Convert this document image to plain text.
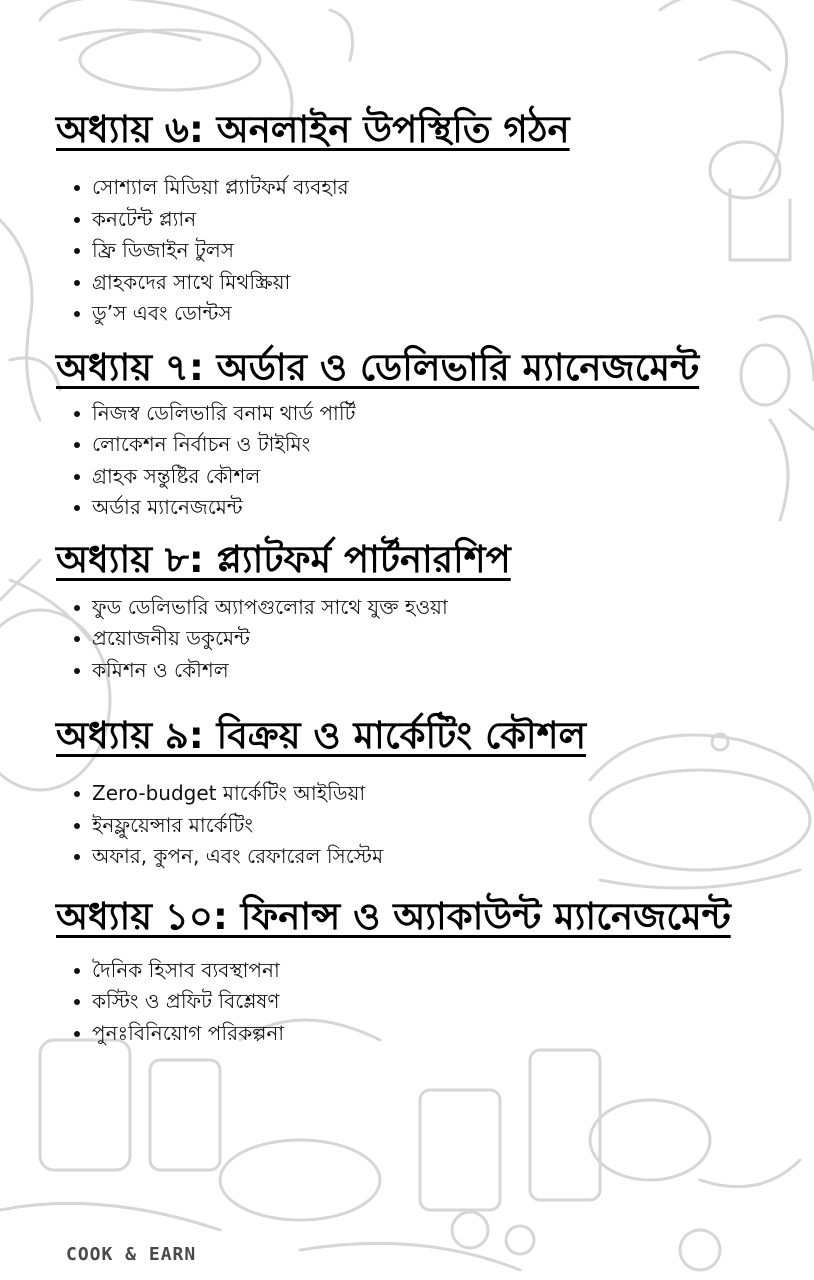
অধ্যায় ৬: অনলাইন উপস্থিতি গঠন
সোশ্যাল মিডিয়া প্ল্যাটফর্ম ব্যবহার
কনটেন্ট প্ল্যান
ফ্রি ডিজাইন টুলস
গ্রাহকদের সাথে মিথস্ক্রিয়া
ডু’স এবং ডোন্টস
অধ্যায় ৭: অর্ডার ও ডেলিভারি ম্যানেজমেন্ট
নিজস্ব ডেলিভারি বনাম থার্ড পার্টি
লোকেশন নির্বাচন ও টাইমিং
গ্রাহক সন্তুষ্টির কৌশল
অর্ডার ম্যানেজমেন্ট
অধ্যায় ৮: প্ল্যাটফর্ম পার্টনারশিপ
ফুড ডেলিভারি অ্যাপগুলোর সাথে যুক্ত হওয়া
প্রয়োজনীয় ডকুমেন্ট
কমিশন ও কৌশল
অধ্যায় ৯: বিক্রয় ও মার্কেটিং কৌশল
Zero-budget মার্কেটিং আইডিয়া
ইনফ্লুয়েন্সার মার্কেটিং
অফার, কুপন, এবং রেফারেল সিস্টেম
অধ্যায় ১০: ফিনান্স ও অ্যাকাউন্ট ম্যানেজমেন্ট
দৈনিক হিসাব ব্যবস্থাপনা
কস্টিং ও প্রফিট বিশ্লেষণ
পুনঃবিনিয়োগ পরিকল্পনা
COOK & EARN
